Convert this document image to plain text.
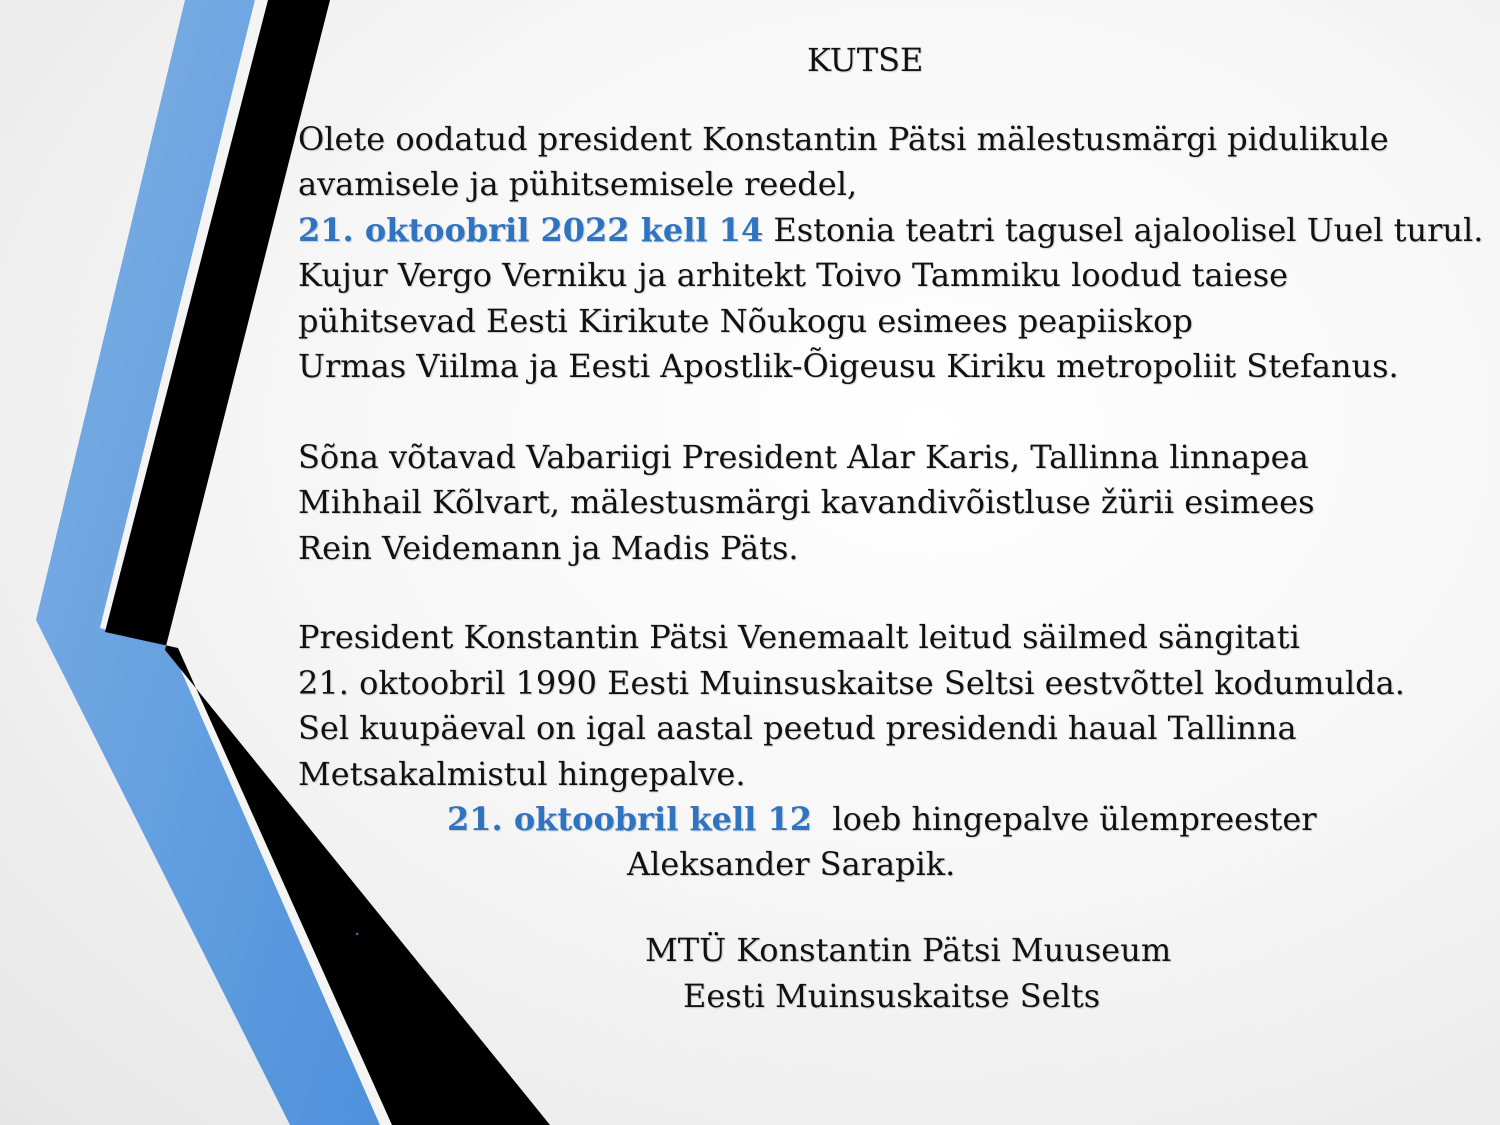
KUTSE
Olete oodatud president Konstantin Pätsi mälestusmärgi pidulikule
avamisele ja pühitsemisele reedel,
21. oktoobril 2022 kell 14 Estonia teatri tagusel ajaloolisel Uuel turul.
Kujur Vergo Verniku ja arhitekt Toivo Tammiku loodud taiese
pühitsevad Eesti Kirikute Nõukogu esimees peapiiskop
Urmas Viilma ja Eesti Apostlik-Õigeusu Kiriku metropoliit Stefanus.
Sõna võtavad Vabariigi President Alar Karis, Tallinna linnapea
Mihhail Kõlvart, mälestusmärgi kavandivõistluse žürii esimees
Rein Veidemann ja Madis Päts.
President Konstantin Pätsi Venemaalt leitud säilmed sängitati
21. oktoobril 1990 Eesti Muinsuskaitse Seltsi eestvõttel kodumulda.
Sel kuupäeval on igal aastal peetud presidendi haual Tallinna
Metsakalmistul hingepalve.
21. oktoobril kell 12  loeb hingepalve ülempreester
Aleksander Sarapik.
.
MTÜ Konstantin Pätsi Muuseum
Eesti Muinsuskaitse Selts
